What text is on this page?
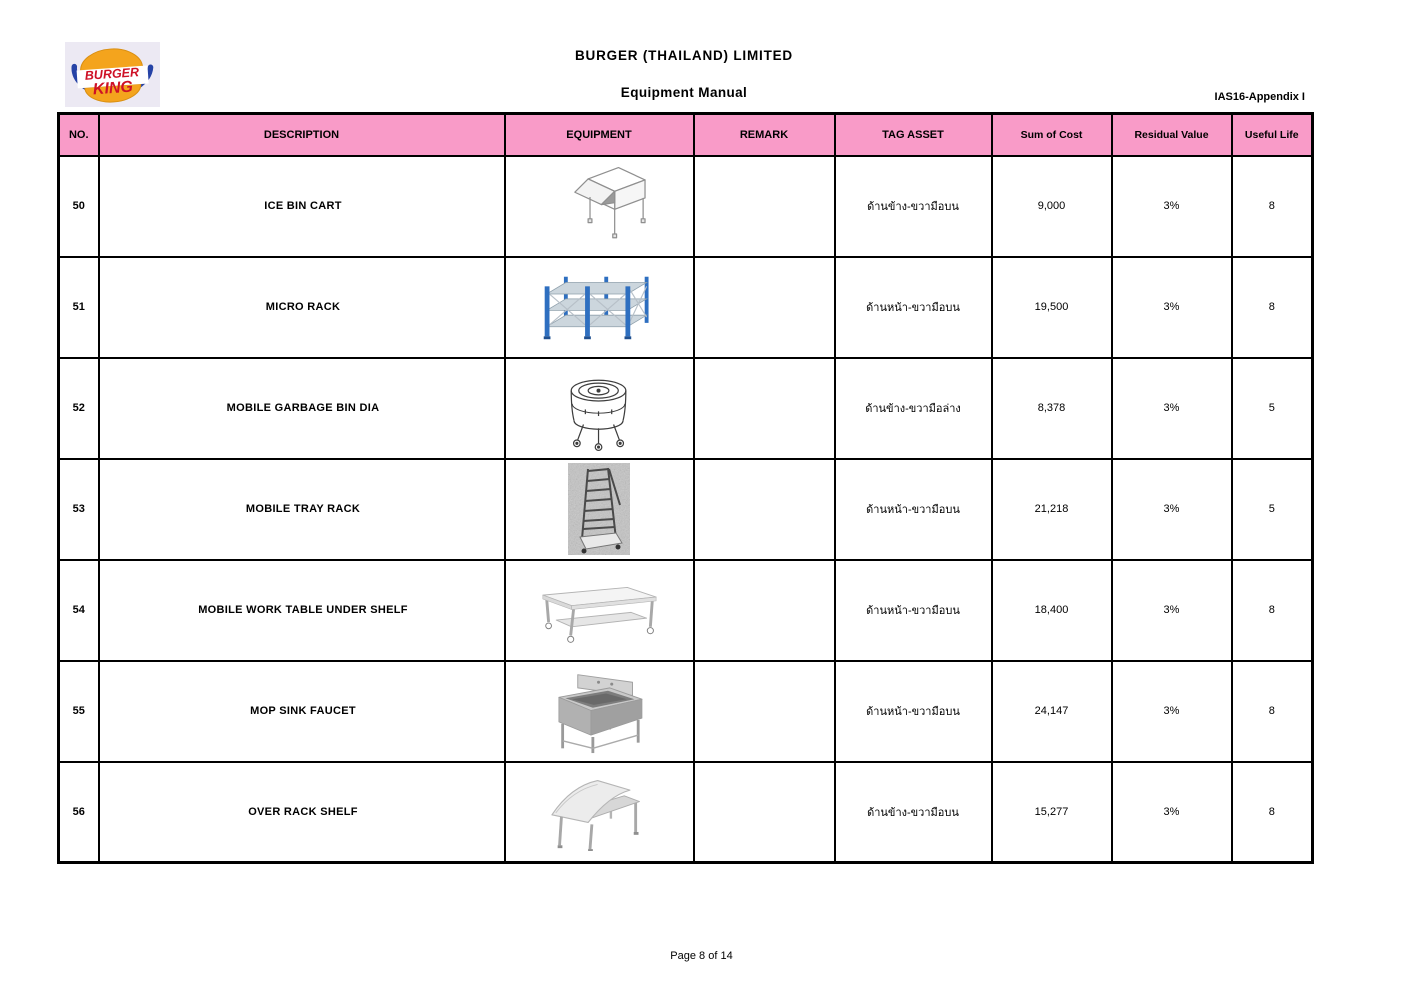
BURGER
KING
BURGER (THAILAND) LIMITED
Equipment Manual	IAS16-Appendix I
NO.	DESCRIPTION	EQUIPMENT	REMARK	TAG ASSET	Sum of Cost	Residual Value	Useful Life
50	ICE BIN CART			ด้านข้าง-ขวามือบน	9,000	3%	8
51	MICRO RACK			ด้านหน้า-ขวามือบน	19,500	3%	8
52	MOBILE GARBAGE BIN DIA			ด้านข้าง-ขวามือล่าง	8,378	3%	5
53	MOBILE TRAY RACK			ด้านหน้า-ขวามือบน	21,218	3%	5
54	MOBILE WORK TABLE UNDER SHELF			ด้านหน้า-ขวามือบน	18,400	3%	8
55	MOP SINK FAUCET			ด้านหน้า-ขวามือบน	24,147	3%	8
56	OVER RACK SHELF			ด้านข้าง-ขวามือบน	15,277	3%	8
Page 8 of 14
